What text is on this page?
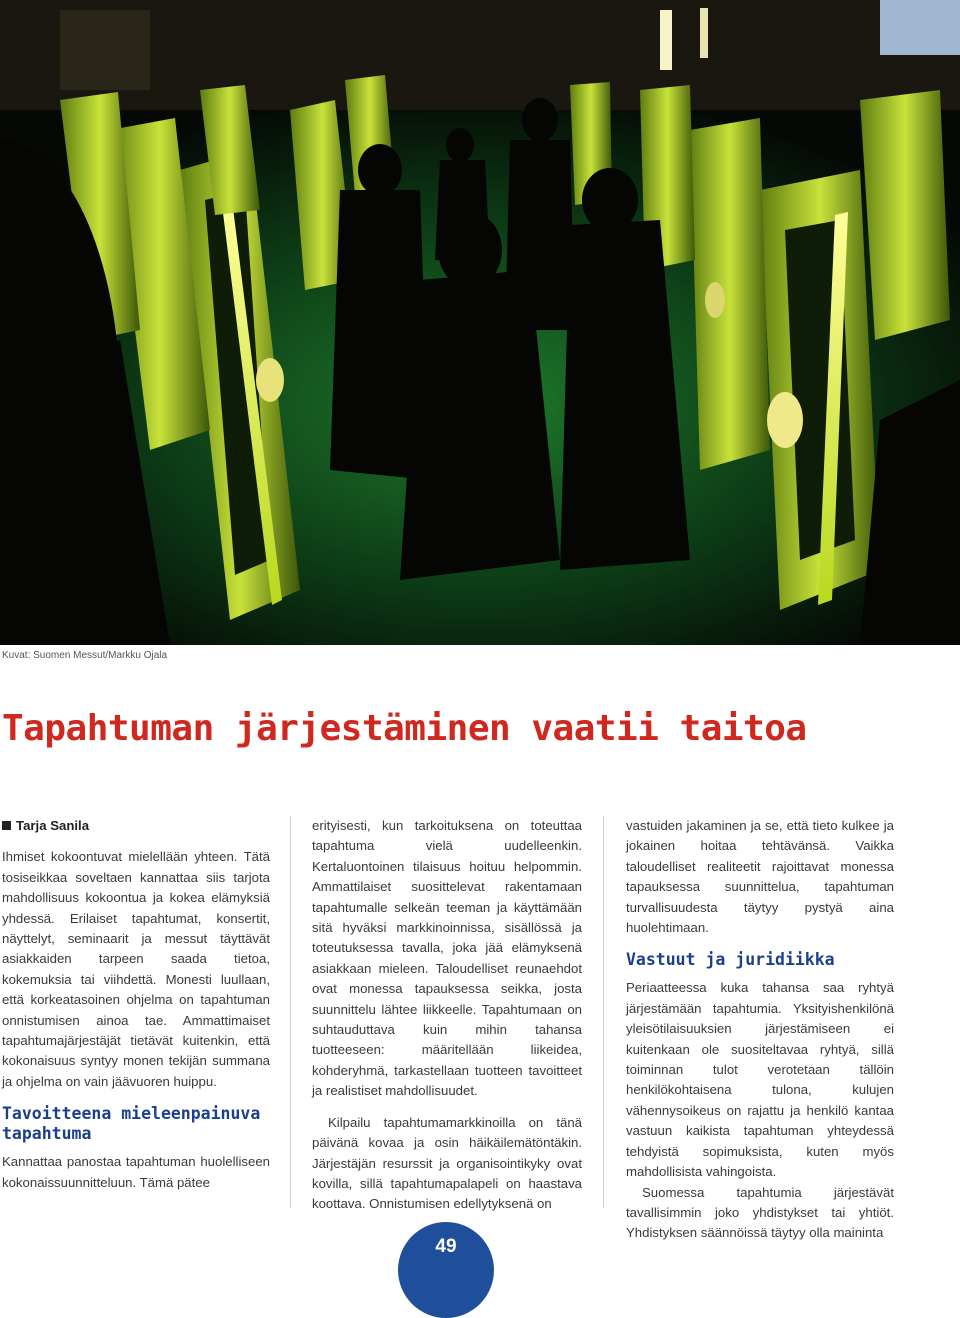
Kuvat: Suomen Messut/Markku Ojala
Tapahtuman järjestäminen vaatii taitoa

Tarja Sanila

Ihmiset kokoontuvat mielellään yhteen. Tätä tosiseikkaa soveltaen kannattaa siis tarjota mahdollisuus kokoontua ja kokea elämyksiä yhdessä. Erilaiset tapahtumat, konsertit, näyttelyt, seminaarit ja messut täyttävät asiakkaiden tarpeen saada tietoa, kokemuksia tai viihdettä. Monesti luullaan, että korkeatasoinen ohjelma on tapahtuman onnistumisen ainoa tae. Ammattimaiset tapahtumajärjestäjät tietävät kuitenkin, että kokonaisuus syntyy monen tekijän summana ja ohjelma on vain jäävuoren huippu.

Tavoitteena mieleenpainuva tapahtuma

Kannattaa panostaa tapahtuman huolelliseen kokonaissuunnitteluun. Tämä pätee

erityisesti, kun tarkoituksena on toteuttaa tapahtuma vielä uudelleenkin. Kertaluontoinen tilaisuus hoituu helpommin. Ammattilaiset suosittelevat rakentamaan tapahtumalle selkeän teeman ja käyttämään sitä hyväksi markkinoinnissa, sisällössä ja toteutuksessa tavalla, joka jää elämyksenä asiakkaan mieleen. Taloudelliset reunaehdot ovat monessa tapauksessa seikka, josta suunnittelu lähtee liikkeelle. Tapahtumaan on suhtauduttava kuin mihin tahansa tuotteeseen: määritellään liikeidea, kohderyhmä, tarkastellaan tuotteen tavoitteet ja realistiset mahdollisuudet.

Kilpailu tapahtumamarkkinoilla on tänä päivänä kovaa ja osin häikäilemätöntäkin. Järjestäjän resurssit ja organisointikyky ovat kovilla, sillä tapahtumapalapeli on haastava koottava. Onnistumisen edellytyksenä on

vastuiden jakaminen ja se, että tieto kulkee ja jokainen hoitaa tehtävänsä. Vaikka taloudelliset realiteetit rajoittavat monessa tapauksessa suunnittelua, tapahtuman turvallisuudesta täytyy pystyä aina huolehtimaan.

Vastuut ja juridiikka

Periaatteessa kuka tahansa saa ryhtyä järjestämään tapahtumia. Yksityishenkilönä yleisötilaisuuksien järjestämiseen ei kuitenkaan ole suositeltavaa ryhtyä, sillä toiminnan tulot verotetaan tällöin henkilökohtaisena tulona, kulujen vähennysoikeus on rajattu ja henkilö kantaa vastuun kaikista tapahtuman yhteydessä tehdyistä sopimuksista, kuten myös mahdollisista vahingoista.

Suomessa tapahtumia järjestävät tavallisimmin joko yhdistykset tai yhtiöt. Yhdistyksen säännöissä täytyy olla maininta

49
